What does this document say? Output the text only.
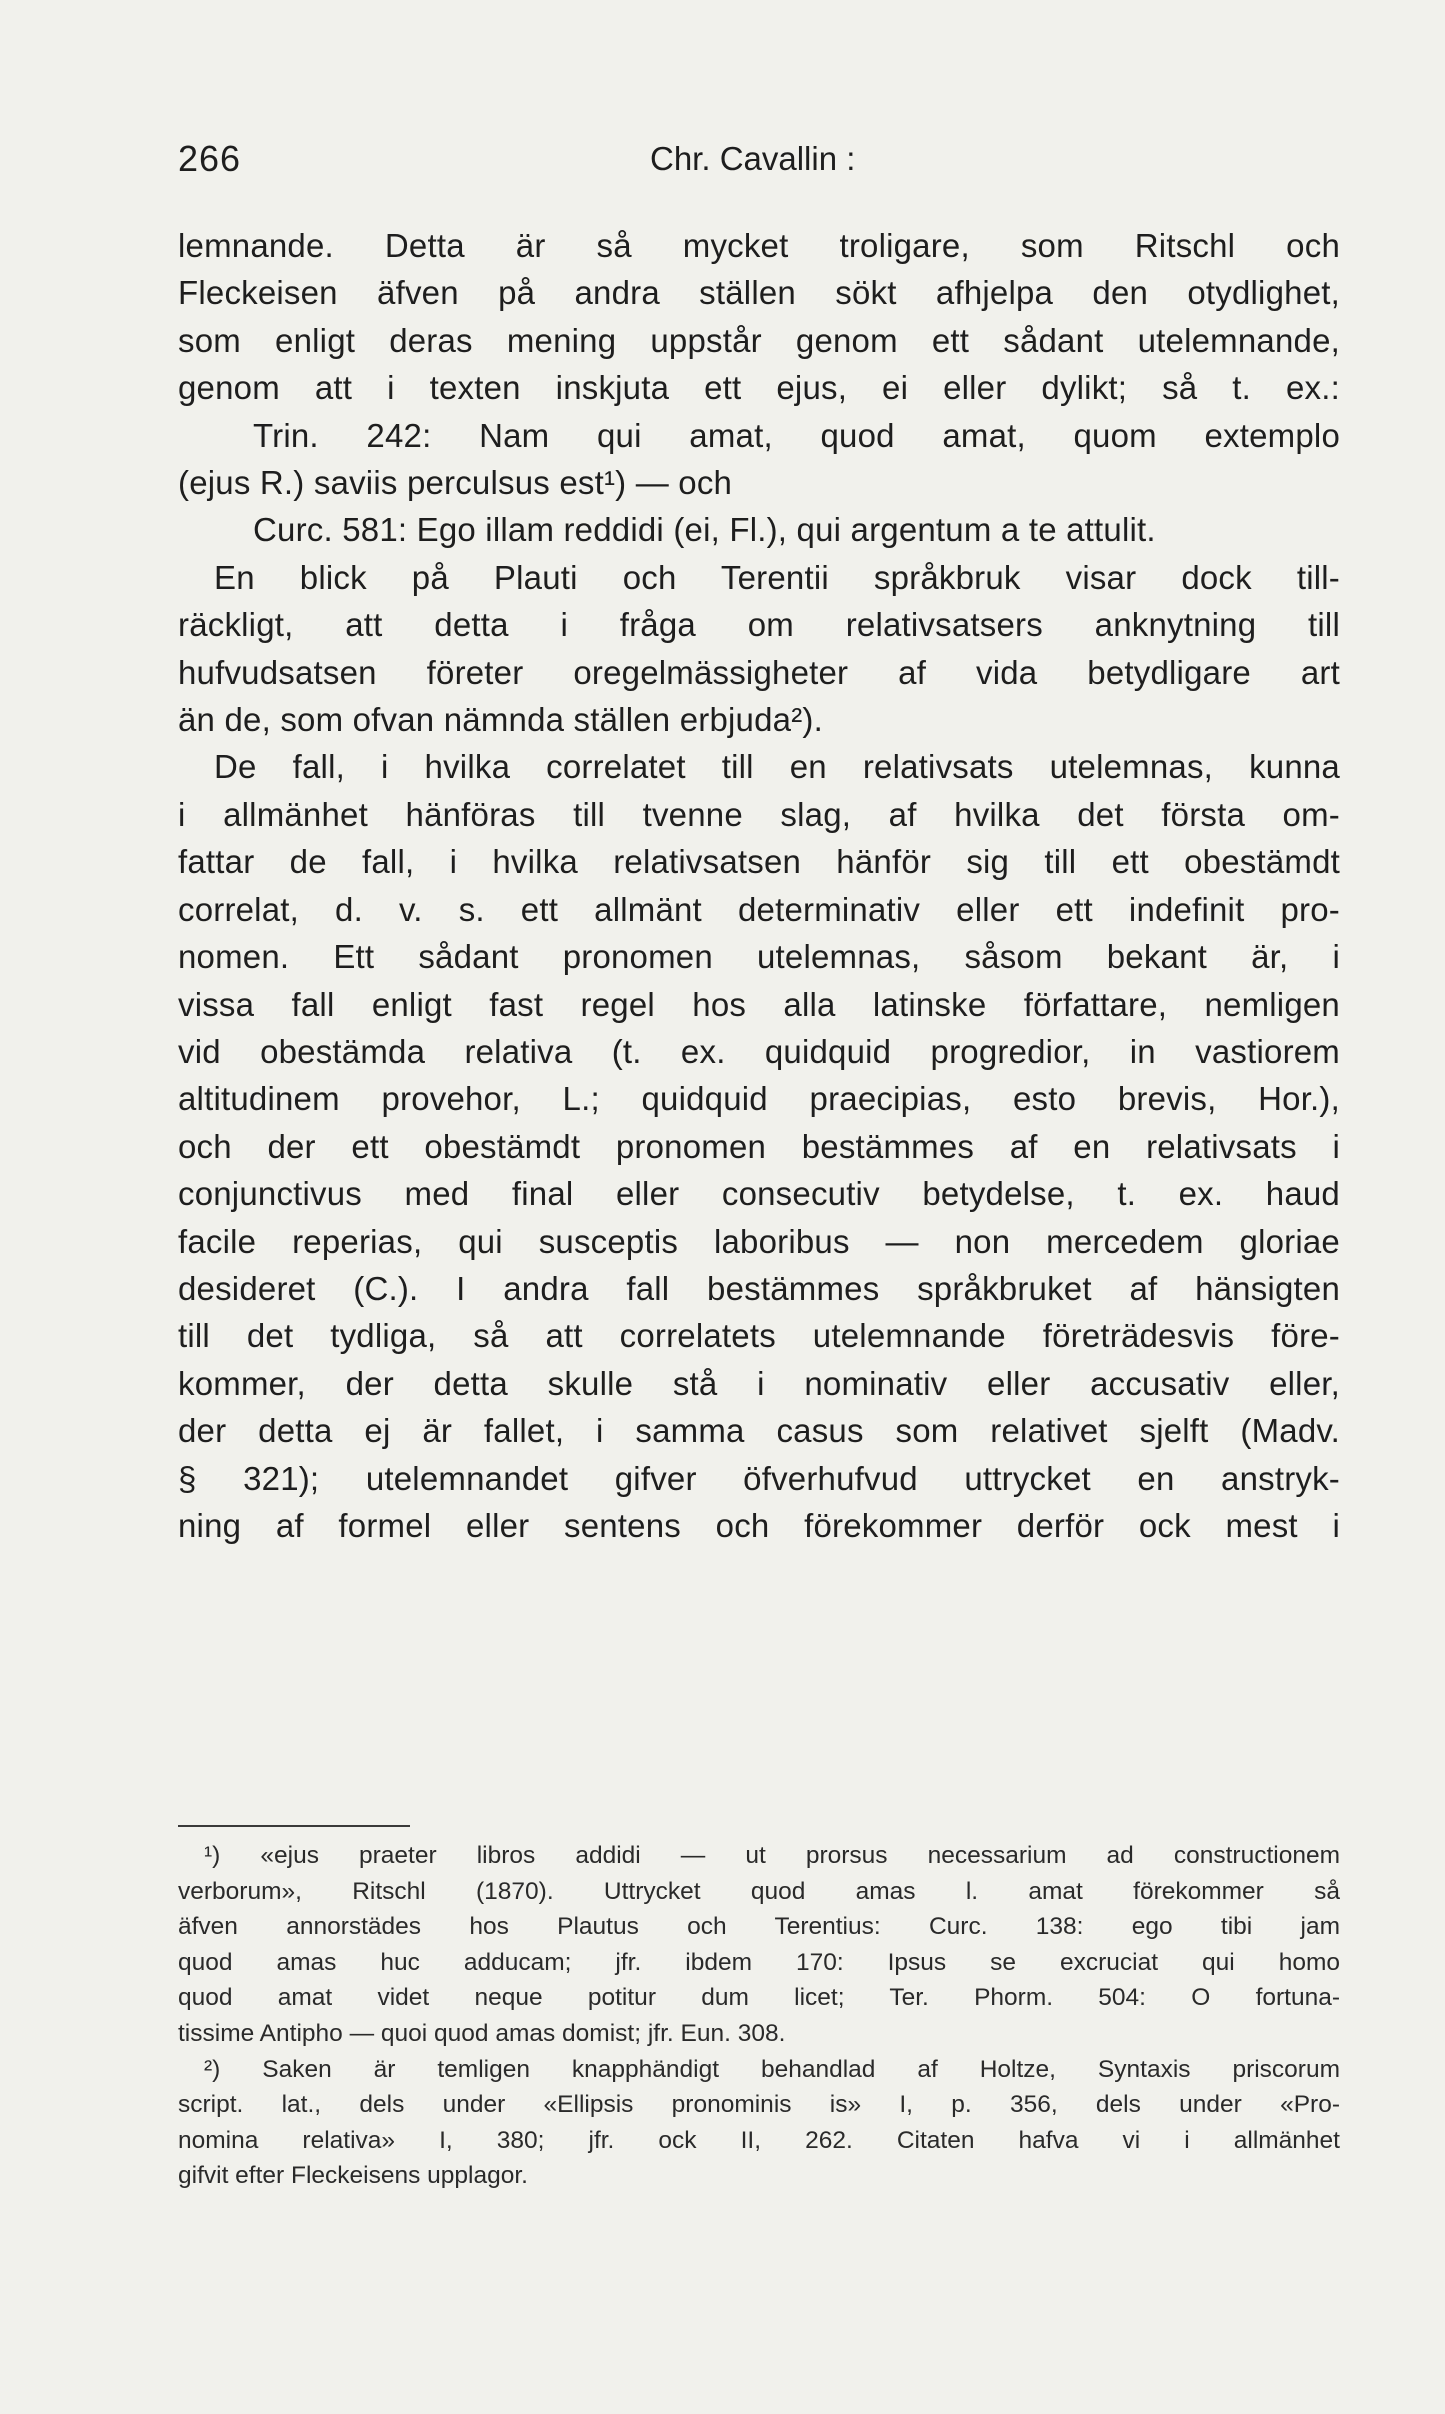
266	Chr. Cavallin :
lemnande. Detta är så mycket troligare, som Ritschl och
Fleckeisen äfven på andra ställen sökt afhjelpa den otydlighet,
som enligt deras mening uppstår genom ett sådant utelemnande,
genom att i texten inskjuta ett ejus, ei eller dylikt; så t. ex.:
Trin. 242: Nam qui amat, quod amat, quom extemplo
(ejus R.) saviis perculsus est¹) — och
Curc. 581: Ego illam reddidi (ei, Fl.), qui argentum a te attulit.
En blick på Plauti och Terentii språkbruk visar dock till-
räckligt, att detta i fråga om relativsatsers anknytning till
hufvudsatsen företer oregelmässigheter af vida betydligare art
än de, som ofvan nämnda ställen erbjuda²).
De fall, i hvilka correlatet till en relativsats utelemnas, kunna
i allmänhet hänföras till tvenne slag, af hvilka det första om-
fattar de fall, i hvilka relativsatsen hänför sig till ett obestämdt
correlat, d. v. s. ett allmänt determinativ eller ett indefinit pro-
nomen. Ett sådant pronomen utelemnas, såsom bekant är, i
vissa fall enligt fast regel hos alla latinske författare, nemligen
vid obestämda relativa (t. ex. quidquid progredior, in vastiorem
altitudinem provehor, L.; quidquid praecipias, esto brevis, Hor.),
och der ett obestämdt pronomen bestämmes af en relativsats i
conjunctivus med final eller consecutiv betydelse, t. ex. haud
facile reperias, qui susceptis laboribus — non mercedem gloriae
desideret (C.). I andra fall bestämmes språkbruket af hänsigten
till det tydliga, så att correlatets utelemnande företrädesvis före-
kommer, der detta skulle stå i nominativ eller accusativ eller,
der detta ej är fallet, i samma casus som relativet sjelft (Madv.
§ 321); utelemnandet gifver öfverhufvud uttrycket en anstryk-
ning af formel eller sentens och förekommer derför ock mest i
¹) «ejus praeter libros addidi — ut prorsus necessarium ad constructionem
verborum», Ritschl (1870). Uttrycket quod amas l. amat förekommer så
äfven annorstädes hos Plautus och Terentius: Curc. 138: ego tibi jam
quod amas huc adducam; jfr. ibdem 170: Ipsus se excruciat qui homo
quod amat videt neque potitur dum licet; Ter. Phorm. 504: O fortuna-
tissime Antipho — quoi quod amas domist; jfr. Eun. 308.
²) Saken är temligen knapphändigt behandlad af Holtze, Syntaxis priscorum
script. lat., dels under «Ellipsis pronominis is» I, p. 356, dels under «Pro-
nomina relativa» I, 380; jfr. ock II, 262. Citaten hafva vi i allmänhet
gifvit efter Fleckeisens upplagor.
